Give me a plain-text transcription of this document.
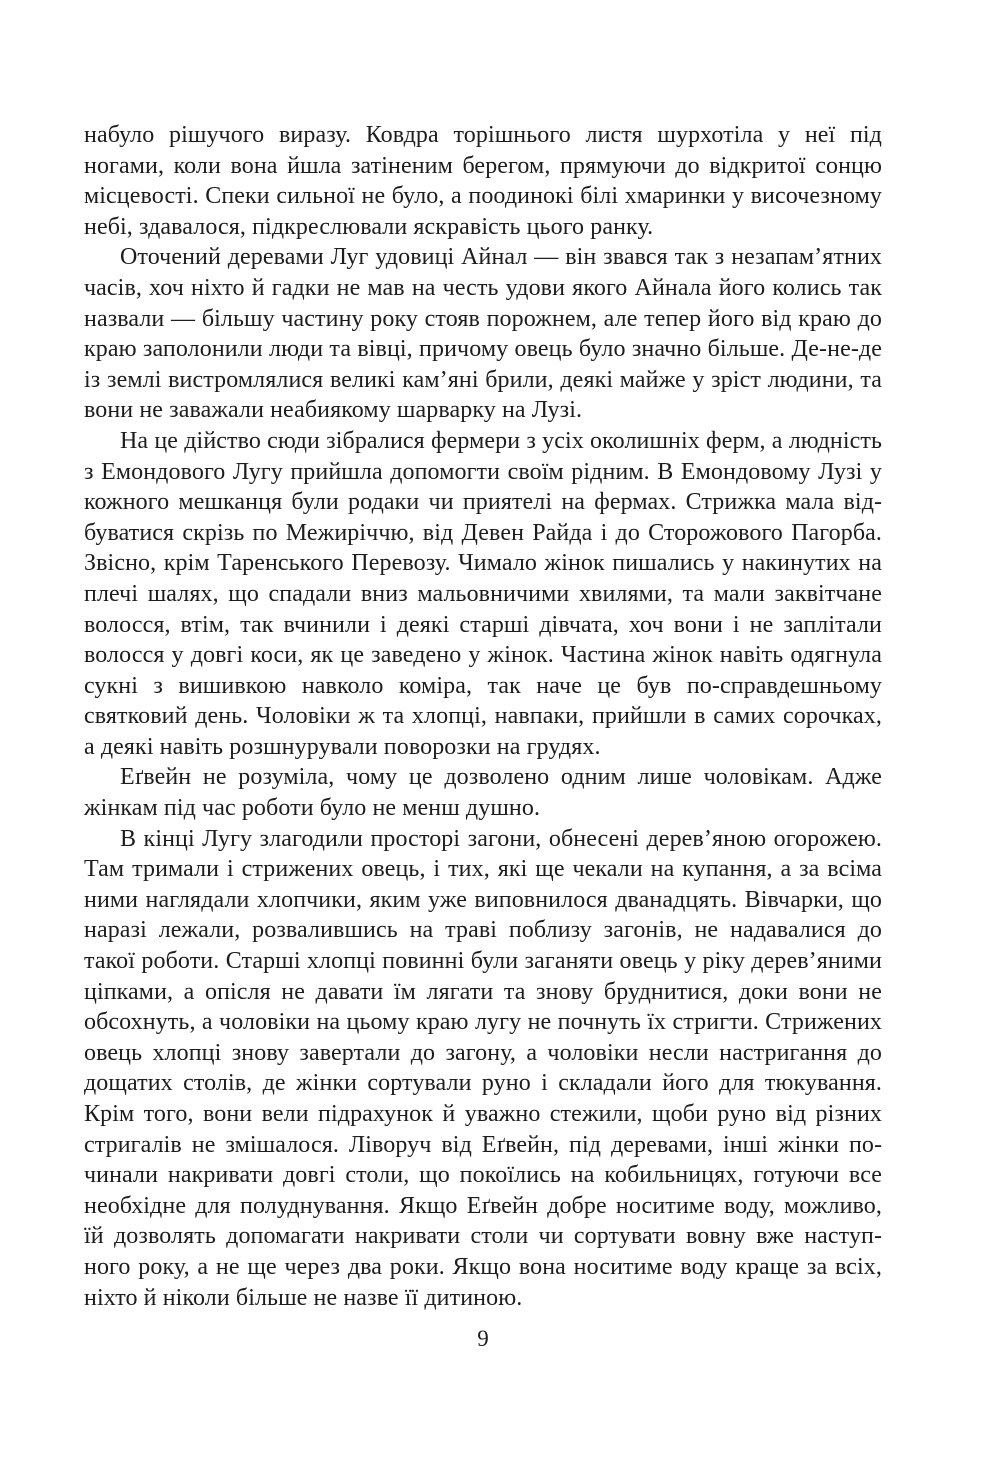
набуло рішучого виразу. Ковдра торішнього листя шурхотіла у неї під ногами, коли вона йшла затіненим берегом, прямуючи до відкритої сонцю місцевості. Спеки сильної не було, а поодинокі білі хмаринки у височезному небі, здавалося, підкреслювали яскравість цього ранку.

Оточений деревами Луг удовиці Айнал — він звався так з незапам’ятних часів, хоч ніхто й гадки не мав на честь удови якого Айнала його колись так назвали — більшу частину року стояв порожнем, але тепер його від краю до краю заполонили люди та вівці, причому овець було значно більше. Де-не-де із землі вистромлялися великі кам’яні брили, деякі майже у зріст людини, та вони не заважали неабиякому шарварку на Лузі.

На це дійство сюди зібралися фермери з усіх околишніх ферм, а людність з Емондового Лугу прийшла допомогти своїм рідним. В Емондовому Лузі у кожного мешканця були родаки чи приятелі на фермах. Стрижка мала відбуватися скрізь по Межиріччю, від Девен Райда і до Сторожового Пагорба. Звісно, крім Таренського Перевозу. Чимало жінок пишались у накинутих на плечі шалях, що спадали вниз мальовничими хвилями, та мали заквітчане волосся, втім, так вчинили і деякі старші дівчата, хоч вони і не заплітали волосся у довгі коси, як це заведено у жінок. Частина жінок навіть одягнула сукні з вишивкою навколо коміра, так наче це був по-справдешньому святковий день. Чоловіки ж та хлопці, навпаки, прийшли в самих сорочках, а деякі навіть розшнурували поворозки на грудях.

Еґвейн не розуміла, чому це дозволено одним лише чоловікам. Адже жінкам під час роботи було не менш душно.

В кінці Лугу злагодили просторі загони, обнесені дерев’яною огорожею. Там тримали і стрижених овець, і тих, які ще чекали на купання, а за всіма ними наглядали хлопчики, яким уже виповнилося дванадцять. Вівчарки, що наразі лежали, розвалившись на траві поблизу загонів, не надавалися до такої роботи. Старші хлопці повинні були заганяти овець у ріку дерев’яними ціпками, а опісля не давати їм лягати та знову бруднитися, доки вони не обсохнуть, а чоловіки на цьому краю лугу не почнуть їх стригти. Стрижених овець хлопці знову завертали до загону, а чоловіки несли настригання до дощатих столів, де жінки сортували руно і складали його для тюкування. Крім того, вони вели підрахунок й уважно стежили, щоби руно від різних стригалів не змішалося. Ліворуч від Еґвейн, під деревами, інші жінки починали накривати довгі столи, що покоїлись на кобильницях, готуючи все необхідне для полуднування. Якщо Еґвейн добре носитиме воду, можливо, їй дозволять допомагати накривати столи чи сортувати вовну вже наступного року, а не ще через два роки. Якщо вона носитиме воду краще за всіх, ніхто й ніколи більше не назве її дитиною.

9
